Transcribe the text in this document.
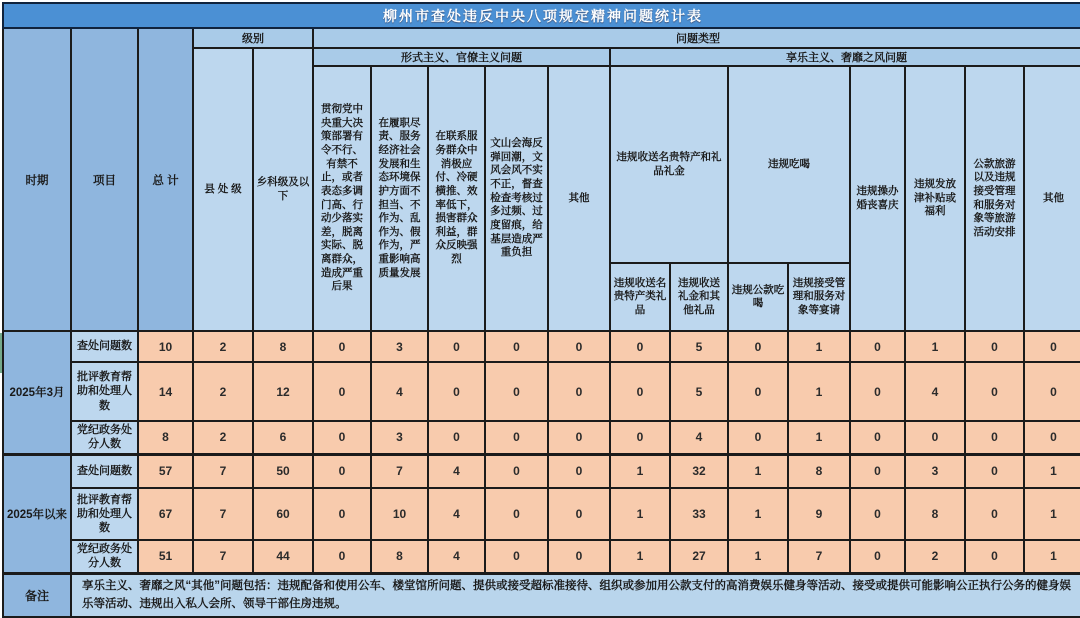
柳州市查处违反中央八项规定精神问题统计表																	
时期	项目	总 计	级别		问题类型												
			县 处 级	乡科级及以下	形式主义、官僚主义问题					享乐主义、奢靡之风问题							
					贯彻党中央重大决策部署有令不行、有禁不止，或者表态多调门高、行动少落实差，脱离实际、脱离群众，造成严重后果	在履职尽责、服务经济社会发展和生态环境保护方面不担当、不作为、乱作为、假作为，严重影响高质量发展	在联系服务群众中消极应付、冷硬横推、效率低下，损害群众利益，群众反映强烈	文山会海反弹回潮，文风会风不实不正，督查检查考核过多过频、过度留痕，给基层造成严重负担	其他	违规收送名贵特产和礼品礼金		违规吃喝		违规操办婚丧喜庆	违规发放津补贴或福利	公款旅游以及违规接受管理和服务对象等旅游活动安排	其他
										违规收送名贵特产类礼品	违规收送礼金和其他礼品	违规公款吃喝	违规接受管理和服务对象等宴请				
2025年3月	查处问题数	10	2	8	0	3	0	0	0	0	5	0	1	0	1	0	0
	批评教育帮助和处理人数	14	2	12	0	4	0	0	0	0	5	0	1	0	4	0	0
	党纪政务处分人数	8	2	6	0	3	0	0	0	0	4	0	1	0	0	0	0
2025年以来	查处问题数	57	7	50	0	7	4	0	0	1	32	1	8	0	3	0	1
	批评教育帮助和处理人数	67	7	60	0	10	4	0	0	1	33	1	9	0	8	0	1
	党纪政务处分人数	51	7	44	0	8	4	0	0	1	27	1	7	0	2	0	1
备注	享乐主义、奢靡之风“其他”问题包括：违规配备和使用公车、楼堂馆所问题、提供或接受超标准接待、组织或参加用公款支付的高消费娱乐健身等活动、接受或提供可能影响公正执行公务的健身娱乐等活动、违规出入私人会所、领导干部住房违规。																
